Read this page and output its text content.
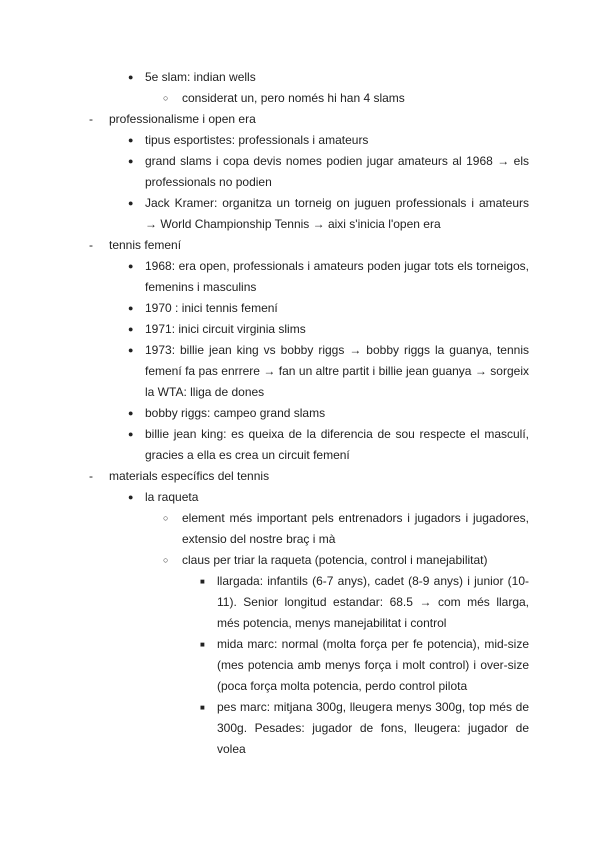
● 5e slam: indian wells
○ considerat un, pero només hi han 4 slams
- professionalisme i open era
● tipus esportistes: professionals i amateurs
● grand slams i copa devis nomes podien jugar amateurs al 1968 → els professionals no podien
● Jack Kramer: organitza un torneig on juguen professionals i amateurs → World Championship Tennis → aixi s'inicia l'open era
- tennis femení
● 1968: era open, professionals i amateurs poden jugar tots els torneigos, femenins i masculins
● 1970 : inici tennis femení
● 1971: inici circuit virginia slims
● 1973: billie jean king vs bobby riggs → bobby riggs la guanya, tennis femení fa pas enrrere → fan un altre partit i billie jean guanya → sorgeix la WTA: lliga de dones
● bobby riggs: campeo grand slams
● billie jean king: es queixa de la diferencia de sou respecte el masculí, gracies a ella es crea un circuit femení
- materials específics del tennis
● la raqueta
○ element més important pels entrenadors i jugadors i jugadores, extensio del nostre braç i mà
○ claus per triar la raqueta (potencia, control i manejabilitat)
■ llargada: infantils (6-7 anys), cadet (8-9 anys) i junior (10-11). Senior longitud estandar: 68.5 → com més llarga, més potencia, menys manejabilitat i control
■ mida marc: normal (molta força per fe potencia), mid-size (mes potencia amb menys força i molt control) i over-size (poca força molta potencia, perdo control pilota
■ pes marc: mitjana 300g, lleugera menys 300g, top més de 300g. Pesades: jugador de fons, lleugera: jugador de volea
